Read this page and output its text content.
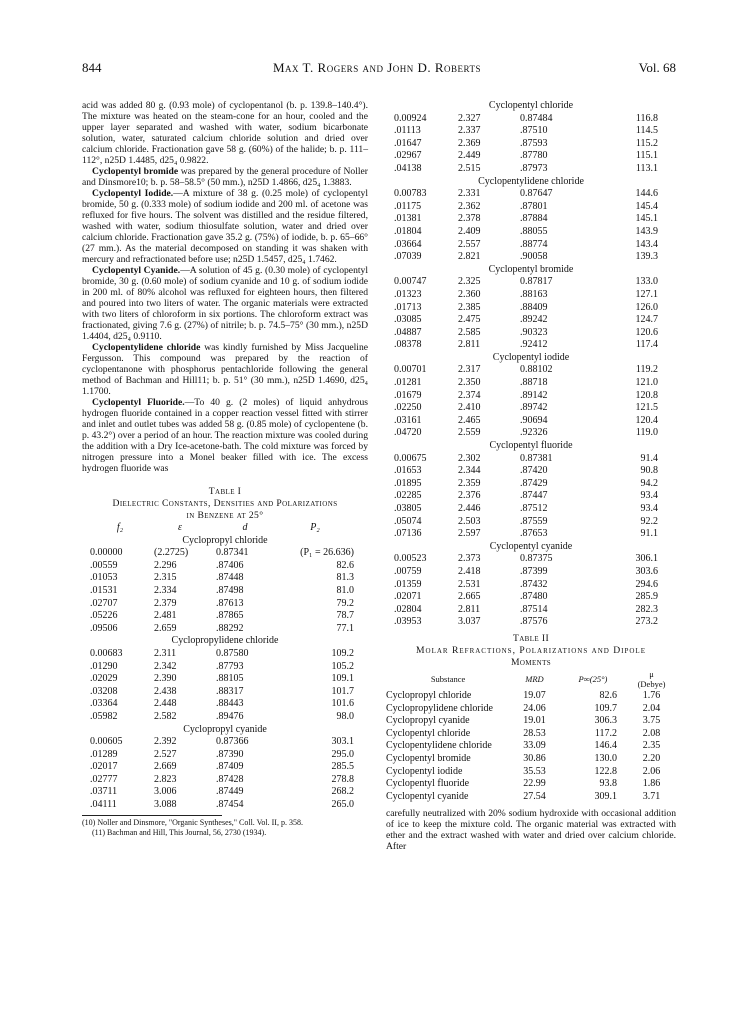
844	Max T. Rogers and John D. Roberts	Vol. 68

acid was added 80 g. (0.93 mole) of cyclopentanol (b. p. 139.8–140.4°). The mixture was heated on the steam-cone for an hour, cooled and the upper layer separated and washed with water, sodium bicarbonate solution, water, saturated calcium chloride solution and dried over calcium chloride. Fractionation gave 58 g. (60%) of the halide; b. p. 111–112°, n25D 1.4485, d25₄ 0.9822.

Cyclopentyl bromide was prepared by the general procedure of Noller and Dinsmore10; b. p. 58–58.5° (50 mm.), n25D 1.4866, d25₄ 1.3883.

Cyclopentyl Iodide.—A mixture of 38 g. (0.25 mole) of cyclopentyl bromide, 50 g. (0.333 mole) of sodium iodide and 200 ml. of acetone was refluxed for five hours. The solvent was distilled and the residue filtered, washed with water, sodium thiosulfate solution, water and dried over calcium chloride. Fractionation gave 35.2 g. (75%) of iodide, b. p. 65–66° (27 mm.). As the material decomposed on standing it was shaken with mercury and refractionated before use; n25D 1.5457, d25₄ 1.7462.

Cyclopentyl Cyanide.—A solution of 45 g. (0.30 mole) of cyclopentyl bromide, 30 g. (0.60 mole) of sodium cyanide and 10 g. of sodium iodide in 200 ml. of 80% alcohol was refluxed for eighteen hours, then filtered and poured into two liters of water. The organic materials were extracted with two liters of chloroform in six portions. The chloroform extract was fractionated, giving 7.6 g. (27%) of nitrile; b. p. 74.5–75° (30 mm.), n25D 1.4404, d25₄ 0.9110.

Cyclopentylidene chloride was kindly furnished by Miss Jacqueline Fergusson. This compound was prepared by the reaction of cyclopentanone with phosphorus pentachloride following the general method of Bachman and Hill11; b. p. 51° (30 mm.), n25D 1.4690, d25₄ 1.1700.

Cyclopentyl Fluoride.—To 40 g. (2 moles) of liquid anhydrous hydrogen fluoride contained in a copper reaction vessel fitted with stirrer and inlet and outlet tubes was added 58 g. (0.85 mole) of cyclopentene (b. p. 43.2°) over a period of an hour. The reaction mixture was cooled during the addition with a Dry Ice-acetone-bath. The cold mixture was forced by nitrogen pressure into a Monel beaker filled with ice. The excess hydrogen fluoride was

Table I

Dielectric Constants, Densities and Polarizations

in Benzene at 25°

f₂	ε	d	P₂

Cyclopropyl chloride

0.00000	(2.2725)	0.87341	(P₁ = 26.636)
.00559	2.296	.87406	82.6
.01053	2.315	.87448	81.3
.01531	2.334	.87498	81.0
.02707	2.379	.87613	79.2
.05226	2.481	.87865	78.7
.09506	2.659	.88292	77.1

Cyclopropylidene chloride

0.00683	2.311	0.87580	109.2
.01290	2.342	.87793	105.2
.02029	2.390	.88105	109.1
.03208	2.438	.88317	101.7
.03364	2.448	.88443	101.6
.05982	2.582	.89476	98.0

Cyclopropyl cyanide

0.00605	2.392	0.87366	303.1
.01289	2.527	.87390	295.0
.02017	2.669	.87409	285.5
.02777	2.823	.87428	278.8
.03711	3.006	.87449	268.2
.04111	3.088	.87454	265.0

(10) Noller and Dinsmore, "Organic Syntheses," Coll. Vol. II, p. 358.

(11) Bachman and Hill, This Journal, 56, 2730 (1934).

Cyclopentyl chloride

0.00924	2.327	0.87484	116.8
.01113	2.337	.87510	114.5
.01647	2.369	.87593	115.2
.02967	2.449	.87780	115.1
.04138	2.515	.87973	113.1

Cyclopentylidene chloride

0.00783	2.331	0.87647	144.6
.01175	2.362	.87801	145.4
.01381	2.378	.87884	145.1
.01804	2.409	.88055	143.9
.03664	2.557	.88774	143.4
.07039	2.821	.90058	139.3

Cyclopentyl bromide

0.00747	2.325	0.87817	133.0
.01323	2.360	.88163	127.1
.01713	2.385	.88409	126.0
.03085	2.475	.89242	124.7
.04887	2.585	.90323	120.6
.08378	2.811	.92412	117.4

Cyclopentyl iodide

0.00701	2.317	0.88102	119.2
.01281	2.350	.88718	121.0
.01679	2.374	.89142	120.8
.02250	2.410	.89742	121.5
.03161	2.465	.90694	120.4
.04720	2.559	.92326	119.0

Cyclopentyl fluoride

0.00675	2.302	0.87381	91.4
.01653	2.344	.87420	90.8
.01895	2.359	.87429	94.2
.02285	2.376	.87447	93.4
.03805	2.446	.87512	93.4
.05074	2.503	.87559	92.2
.07136	2.597	.87653	91.1

Cyclopentyl cyanide

0.00523	2.373	0.87375	306.1
.00759	2.418	.87399	303.6
.01359	2.531	.87432	294.6
.02071	2.665	.87480	285.9
.02804	2.811	.87514	282.3
.03953	3.037	.87576	273.2

Table II

Molar Refractions, Polarizations and Dipole

Moments

Substance	MRD	P∞(25°)	μ
(Debye)
Cyclopropyl chloride	19.07	82.6	1.76
Cyclopropylidene chloride	24.06	109.7	2.04
Cyclopropyl cyanide	19.01	306.3	3.75
Cyclopentyl chloride	28.53	117.2	2.08
Cyclopentylidene chloride	33.09	146.4	2.35
Cyclopentyl bromide	30.86	130.0	2.20
Cyclopentyl iodide	35.53	122.8	2.06
Cyclopentyl fluoride	22.99	93.8	1.86
Cyclopentyl cyanide	27.54	309.1	3.71

carefully neutralized with 20% sodium hydroxide with occasional addition of ice to keep the mixture cold. The organic material was extracted with ether and the extract washed with water and dried over calcium chloride. After
